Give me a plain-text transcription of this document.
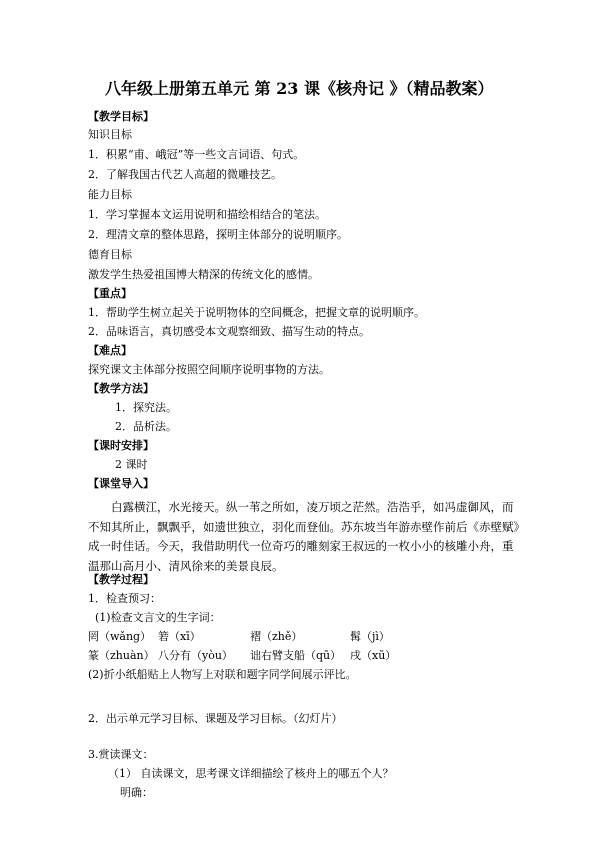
八年级上册第五单元 第 23 课《核舟记 》（精品教案）
【教学目标】
知识目标
1．积累“甫、峨冠”等一些文言词语、句式。
2．了解我国古代艺人高超的微雕技艺。
能力目标
1．学习掌握本文运用说明和描绘相结合的笔法。
2．理清文章的整体思路，探明主体部分的说明顺序。
德育目标
激发学生热爱祖国博大精深的传统文化的感情。
【重点】
1．帮助学生树立起关于说明物体的空间概念，把握文章的说明顺序。
2．品味语言，真切感受本文观察细致、描写生动的特点。
【难点】
探究课文主体部分按照空间顺序说明事物的方法。
【教学方法】
1．探究法。
2．品析法。
【课时安排】
2 课时
【课堂导入】
白露横江，水光接天。纵一苇之所如，凌万顷之茫然。浩浩乎，如冯虚御风，而不知其所止，飘飘乎，如遗世独立，羽化而登仙。苏东坡当年游赤壁作前后《赤壁赋》成一时佳话。今天，我借助明代一位奇巧的雕刻家王叔远的一枚小小的核雕小舟，重温那山高月小、清风徐来的美景良辰。
【教学过程】
1．检查预习：
(1)检查文言文的生字词：
罔（wǎng） 箬（xī）	褶（zhě）	髯（jì）
篆（zhuàn） 八分有（yòu） 诎右臂支船（qū） 戌（xū）
(2)折小纸船贴上人物写上对联和题字同学间展示评比。
2．出示单元学习目标、课题及学习目标。（幻灯片）
3.赏读课文：
（1） 自读课文，思考课文详细描绘了核舟上的哪五个人？
明确：
